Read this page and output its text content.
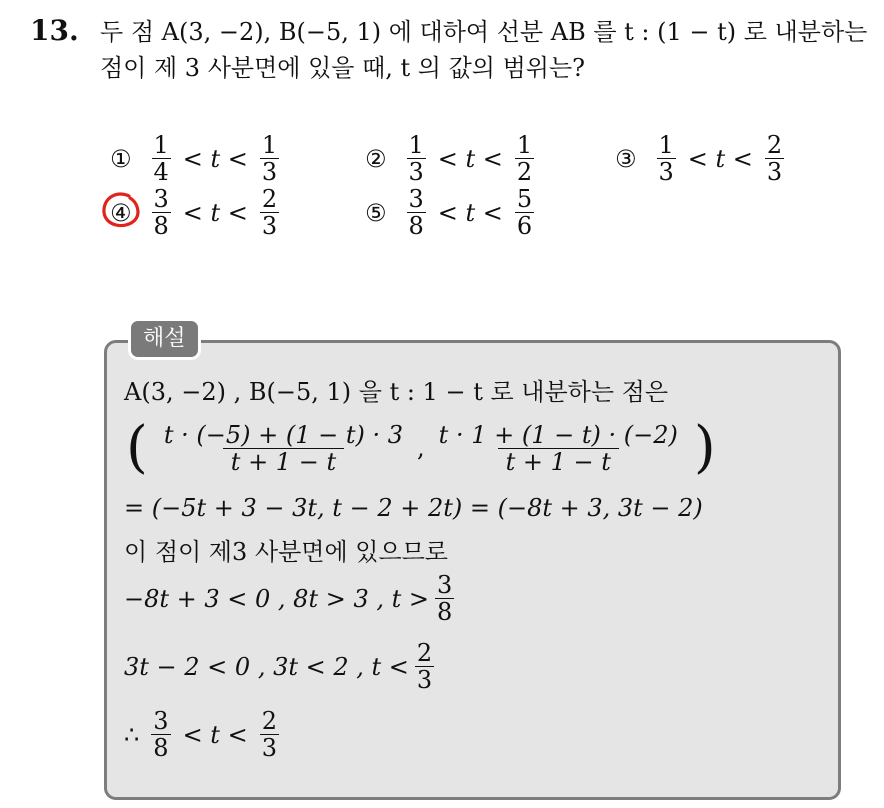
13. 두 점 A(3, −2), B(−5, 1) 에 대하여 선분 AB 를 t : (1 − t) 로 내분하는
점이 제 3 사분면에 있을 때, t 의 값의 범위는?
① $\frac{1}{4} < t < \frac{1}{3}$	② $\frac{1}{3} < t < \frac{1}{2}$	③ $\frac{1}{3} < t < \frac{2}{3}$
④ $\frac{3}{8} < t < \frac{2}{3}$	⑤ $\frac{3}{8} < t < \frac{5}{6}$
해설
A(3, −2) , B(−5, 1) 을 t : 1 − t 로 내분하는 점은
( $\frac{t \cdot (-5) + (1 - t) \cdot 3}{t + 1 - t}$ , $\frac{t \cdot 1 + (1 - t) \cdot (-2)}{t + 1 - t}$ )
= (−5t + 3 − 3t, t − 2 + 2t) = (−8t + 3, 3t − 2)
이 점이 제3 사분면에 있으므로
−8t + 3 < 0 , 8t > 3 , $t > \frac{3}{8}$
3t − 2 < 0 , 3t < 2 , $t < \frac{2}{3}$
∴ $\frac{3}{8} < t < \frac{2}{3}$
